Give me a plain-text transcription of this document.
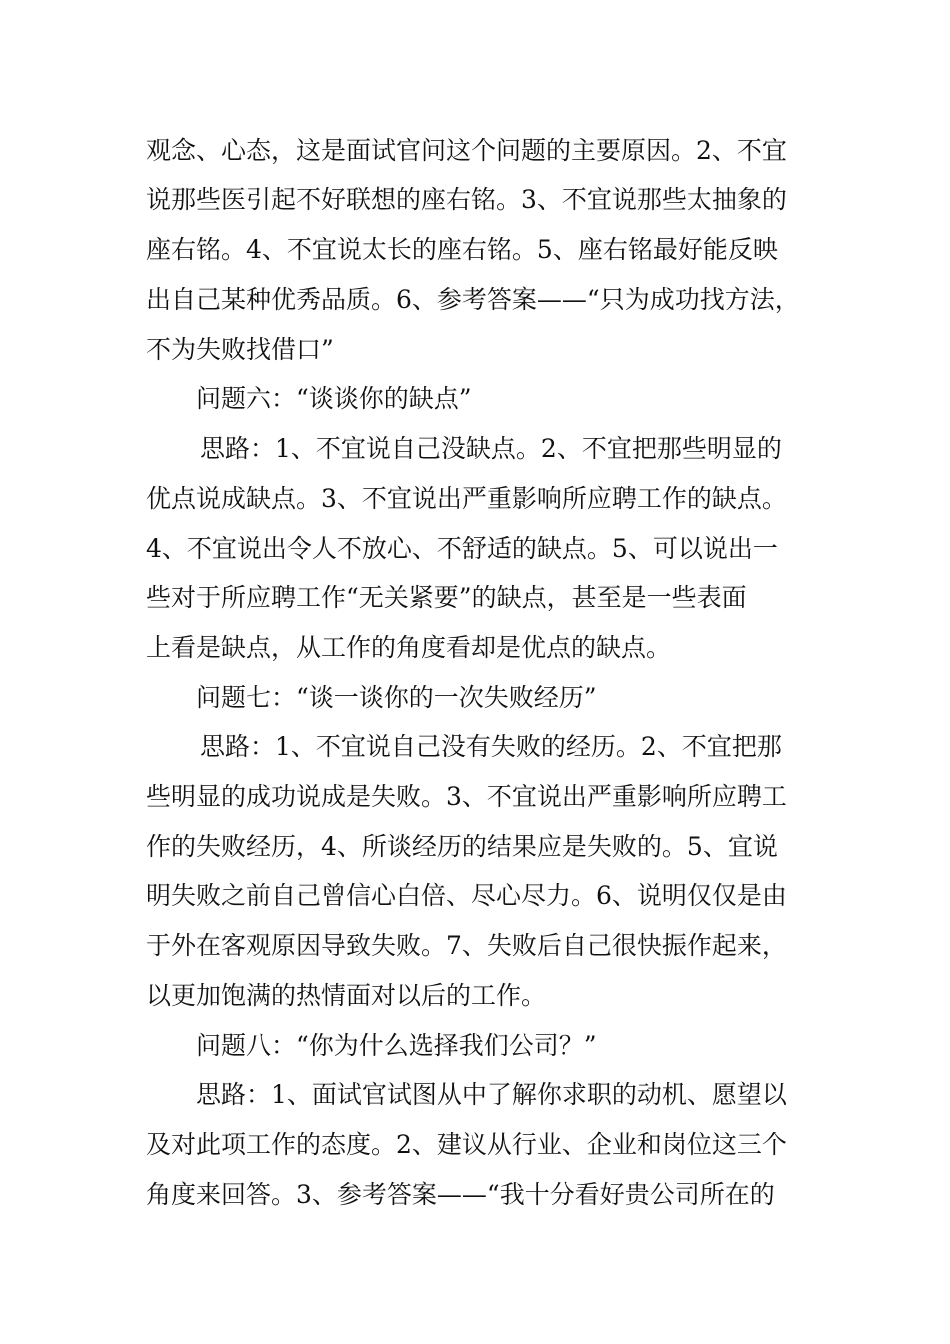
观念、心态，这是面试官问这个问题的主要原因。2、不宜
说那些医引起不好联想的座右铭。3、不宜说那些太抽象的
座右铭。4、不宜说太长的座右铭。5、座右铭最好能反映
出自己某种优秀品质。6、参考答案——“只为成功找方法，
不为失败找借口”
问题六：“谈谈你的缺点”
思路：1、不宜说自己没缺点。2、不宜把那些明显的
优点说成缺点。3、不宜说出严重影响所应聘工作的缺点。
4、不宜说出令人不放心、不舒适的缺点。5、可以说出一
些对于所应聘工作“无关紧要”的缺点，甚至是一些表面
上看是缺点，从工作的角度看却是优点的缺点。
问题七：“谈一谈你的一次失败经历”
思路：1、不宜说自己没有失败的经历。2、不宜把那
些明显的成功说成是失败。3、不宜说出严重影响所应聘工
作的失败经历，4、所谈经历的结果应是失败的。5、宜说
明失败之前自己曾信心白倍、尽心尽力。6、说明仅仅是由
于外在客观原因导致失败。7、失败后自己很快振作起来，
以更加饱满的热情面对以后的工作。
问题八：“你为什么选择我们公司？”
思路：1、面试官试图从中了解你求职的动机、愿望以
及对此项工作的态度。2、建议从行业、企业和岗位这三个
角度来回答。3、参考答案——“我十分看好贵公司所在的
